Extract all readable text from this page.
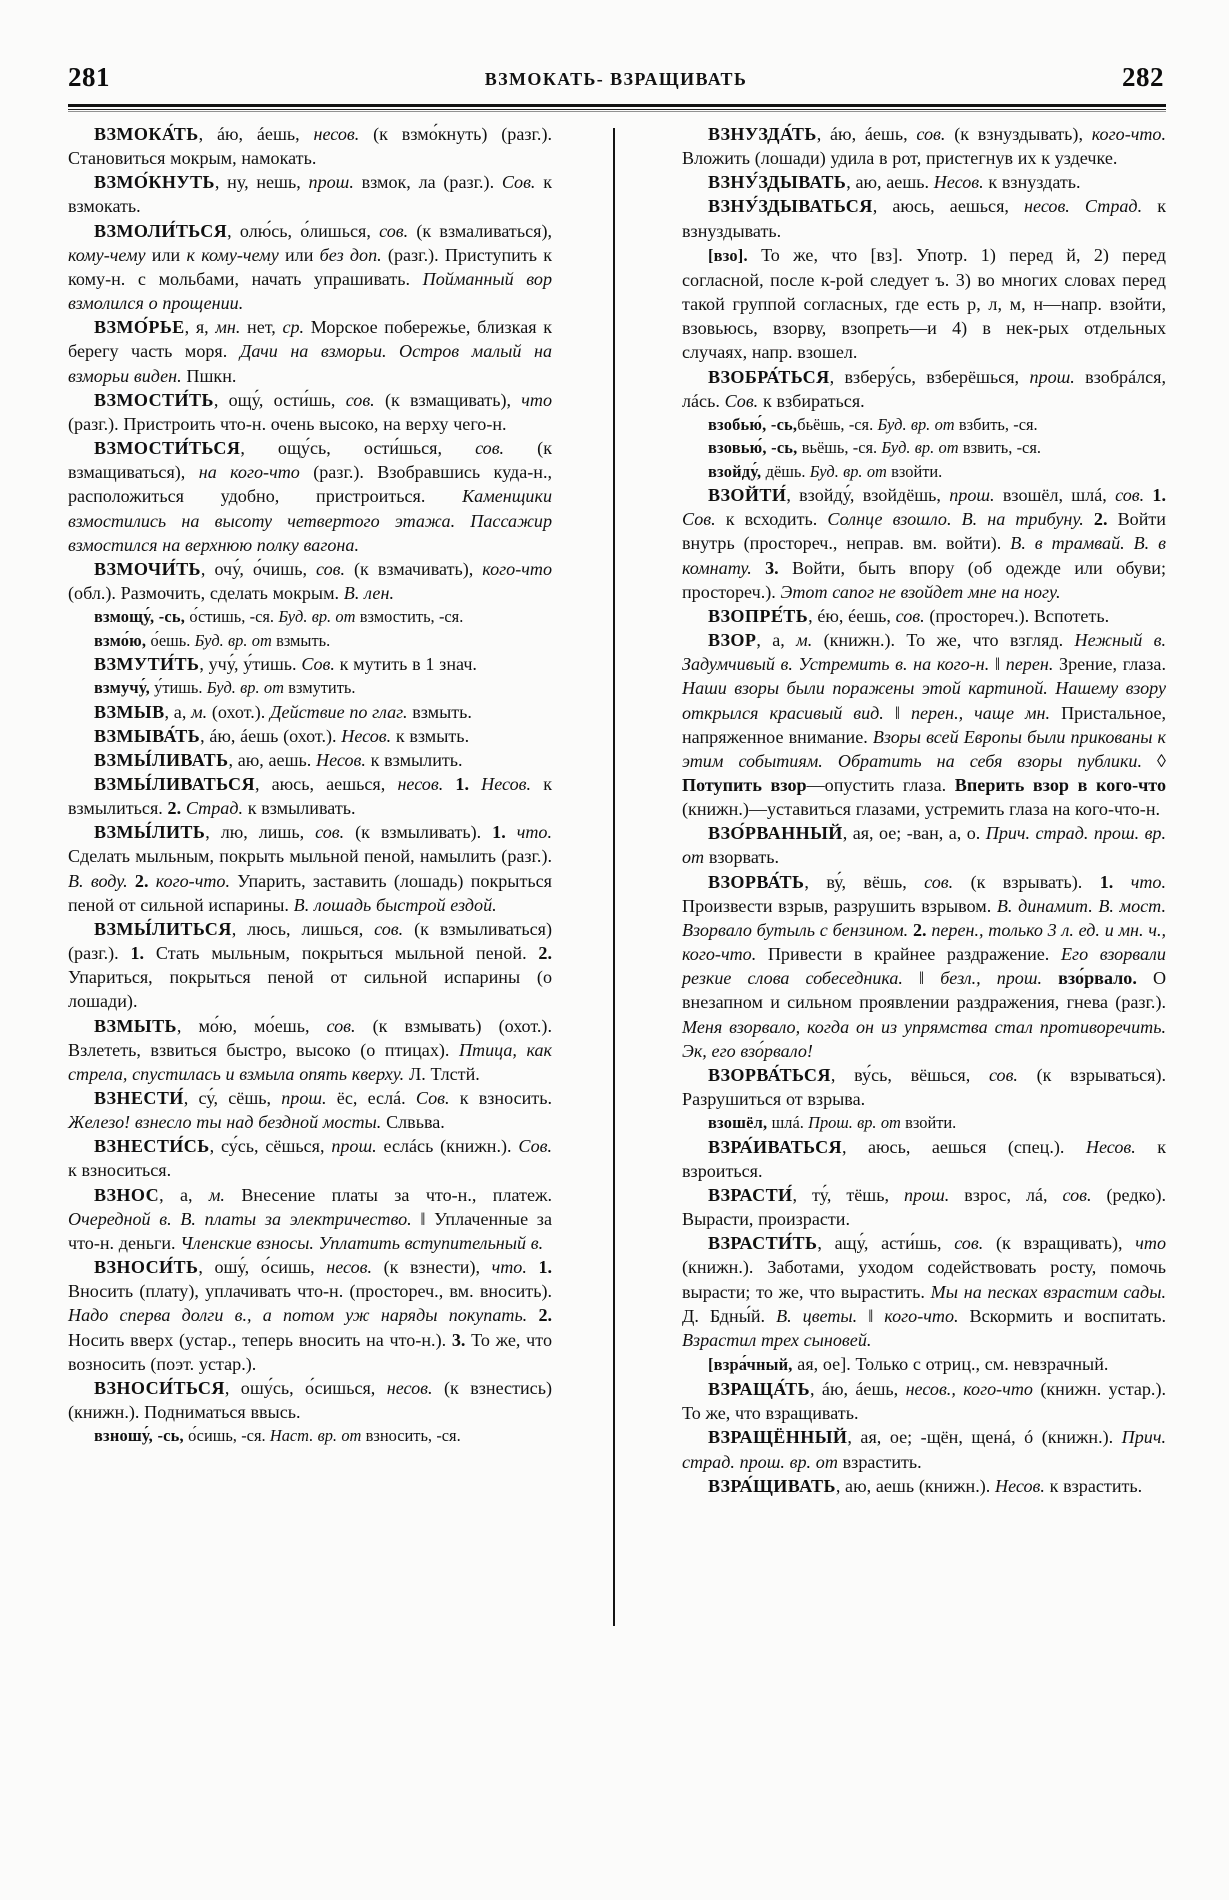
281	ВЗМОКАТЬ- ВЗРАЩИВАТЬ	282

ВЗМОКА́ТЬ, áю, áешь, несов. (к взмо́кнуть) (разг.). Становиться мокрым, намокать.

ВЗМО́КНУТЬ, ну, нешь, прош. взмок, ла (разг.). Сов. к взмокать.

ВЗМОЛИ́ТЬСЯ, олю́сь, о́лишься, сов. (к взмаливаться), кому-чему или к кому-чему или без доп. (разг.). Приступить к кому-н. с мольбами, начать упрашивать. Пойманный вор взмолился о прощении.

ВЗМО́РЬЕ, я, мн. нет, ср. Морское побережье, близкая к берегу часть моря. Дачи на взморьи. Остров малый на взморьи виден. Пшкн.

ВЗМОСТИ́ТЬ, ощу́, ости́шь, сов. (к взмащивать), что (разг.). Пристроить что-н. очень высоко, на верху чего-н.

ВЗМОСТИ́ТЬСЯ, ощу́сь, ости́шься, сов. (к взмащиваться), на кого-что (разг.). Взобравшись куда-н., расположиться удобно, пристроиться. Каменщики взмостились на высоту четвертого этажа. Пассажир взмостился на верхнюю полку вагона.

ВЗМОЧИ́ТЬ, очу́, о́чишь, сов. (к взмачивать), кого-что (обл.). Размочить, сделать мокрым. В. лен.

взмощу́, -сь, о́стишь, -ся. Буд. вр. от взмостить, -ся.

взмо́ю, о́ешь. Буд. вр. от взмыть.

ВЗМУТИ́ТЬ, учу́, у́тишь. Сов. к мутить в 1 знач.

взмучу́, у́тишь. Буд. вр. от взмутить.

ВЗМЫВ, а, м. (охот.). Действие по глаг. взмыть.

ВЗМЫВА́ТЬ, áю, áешь (охот.). Несов. к взмыть.

ВЗМЫ́ЛИВАТЬ, аю, аешь. Несов. к взмылить.

ВЗМЫ́ЛИВАТЬСЯ, аюсь, аешься, несов. 1. Несов. к взмылиться. 2. Страд. к взмыливать.

ВЗМЫ́ЛИТЬ, лю, лишь, сов. (к взмыливать). 1. что. Сделать мыльным, покрыть мыльной пеной, намылить (разг.). В. воду. 2. кого-что. Упарить, заставить (лошадь) покрыться пеной от сильной испарины. В. лошадь быстрой ездой.

ВЗМЫ́ЛИТЬСЯ, люсь, лишься, сов. (к взмыливаться) (разг.). 1. Стать мыльным, покрыться мыльной пеной. 2. Упариться, покрыться пеной от сильной испарины (о лошади).

ВЗМЫТЬ, мо́ю, мо́ешь, сов. (к взмывать) (охот.). Взлететь, взвиться быстро, высоко (о птицах). Птица, как стрела, спустилась и взмыла опять кверху. Л. Тлстй.

ВЗНЕСТИ́, су́, сёшь, прош. ёс, еслá. Сов. к взносить. Железо! взнесло ты над бездной мосты. Слвьва.

ВЗНЕСТИ́СЬ, су́сь, сёшься, прош. еслáсь (книжн.). Сов. к взноситься.

ВЗНОС, а, м. Внесение платы за что-н., платеж. Очередной в. В. платы за электричество. ‖ Уплаченные за что-н. деньги. Членские взносы. Уплатить вступительный в.

ВЗНОСИ́ТЬ, ошу́, о́сишь, несов. (к взнести), что. 1. Вносить (плату), уплачивать что-н. (простореч., вм. вносить). Надо сперва долги в., а потом уж наряды покупать. 2. Носить вверх (устар., теперь вносить на что-н.). 3. То же, что возносить (поэт. устар.).

ВЗНОСИ́ТЬСЯ, ошу́сь, о́сишься, несов. (к взнестись) (книжн.). Подниматься ввысь.

взношу́, -сь, о́сишь, -ся. Наст. вр. от взносить, -ся.

ВЗНУЗДА́ТЬ, áю, áешь, сов. (к взнуздывать), кого-что. Вложить (лошади) удила в рот, пристегнув их к уздечке.

ВЗНУ́ЗДЫВАТЬ, аю, аешь. Несов. к взнуздать.

ВЗНУ́ЗДЫВАТЬСЯ, аюсь, аешься, несов. Страд. к взнуздывать.

[взо]. То же, что [вз]. Употр. 1) перед й, 2) перед согласной, после к-рой следует ъ. 3) во многих словах перед такой группой согласных, где есть р, л, м, н—напр. взойти, взовьюсь, взорву, взопреть—и 4) в нек-рых отдельных случаях, напр. взошел.

ВЗОБРА́ТЬСЯ, взберу́сь, взберёшься, прош. взобрáлся, лáсь. Сов. к взбираться.

взобью́, -сь,бьёшь, -ся. Буд. вр. от взбить, -ся.

взовью́, -сь, вьёшь, -ся. Буд. вр. от взвить, -ся.

взойду́, дёшь. Буд. вр. от взойти.

ВЗОЙТИ́, взойду́, взойдёшь, прош. взошёл, шлá, сов. 1. Сов. к всходить. Солнце взошло. В. на трибуну. 2. Войти внутрь (простореч., неправ. вм. войти). В. в трамвай. В. в комнату. 3. Войти, быть впору (об одежде или обуви; простореч.). Этот сапог не взойдет мне на ногу.

ВЗОПРЕ́ТЬ, éю, éешь, сов. (простореч.). Вспотеть.

ВЗОР, а, м. (книжн.). То же, что взгляд. Нежный в. Задумчивый в. Устремить в. на кого-н. ‖ перен. Зрение, глаза. Наши взоры были поражены этой картиной. Нашему взору открылся красивый вид. ‖ перен., чаще мн. Пристальное, напряженное внимание. Взоры всей Европы были прикованы к этим событиям. Обратить на себя взоры публики. ◊ Потупить взор—опустить глаза. Вперить взор в кого-что (книжн.)—уставиться глазами, устремить глаза на кого-что-н.

ВЗО́РВАННЫЙ, ая, ое; -ван, а, о. Прич. страд. прош. вр. от взорвать.

ВЗОРВА́ТЬ, ву́, вёшь, сов. (к взрывать). 1. что. Произвести взрыв, разрушить взрывом. В. динамит. В. мост. Взорвало бутыль с бензином. 2. перен., только 3 л. ед. и мн. ч., кого-что. Привести в крайнее раздражение. Его взорвали резкие слова собеседника. ‖ безл., прош. взо́рвало. О внезапном и сильном проявлении раздражения, гнева (разг.). Меня взорвало, когда он из упрямства стал противоречить. Эк, его взо́рвало!

ВЗОРВА́ТЬСЯ, ву́сь, вёшься, сов. (к взрываться). Разрушиться от взрыва.

взошёл, шлá. Прош. вр. от взойти.

ВЗРА́ИВАТЬСЯ, аюсь, аешься (спец.). Несов. к взроиться.

ВЗРАСТИ́, ту́, тёшь, прош. взрос, лá, сов. (редко). Вырасти, произрасти.

ВЗРАСТИ́ТЬ, ащу́, асти́шь, сов. (к взращивать), что (книжн.). Заботами, уходом содействовать росту, помочь вырасти; то же, что вырастить. Мы на песках взрастим сады. Д. Бдны́й. В. цветы. ‖ кого-что. Вскормить и воспитать. Взрастил трех сыновей.

[взра́чный, ая, ое]. Только с отриц., см. невзрачный.

ВЗРАЩА́ТЬ, áю, áешь, несов., кого-что (книжн. устар.). То же, что взращивать.

ВЗРАЩЁННЫЙ, ая, ое; -щён, щенá, ó (книжн.). Прич. страд. прош. вр. от взрастить.

ВЗРА́ЩИВАТЬ, аю, аешь (книжн.). Несов. к взрастить.
